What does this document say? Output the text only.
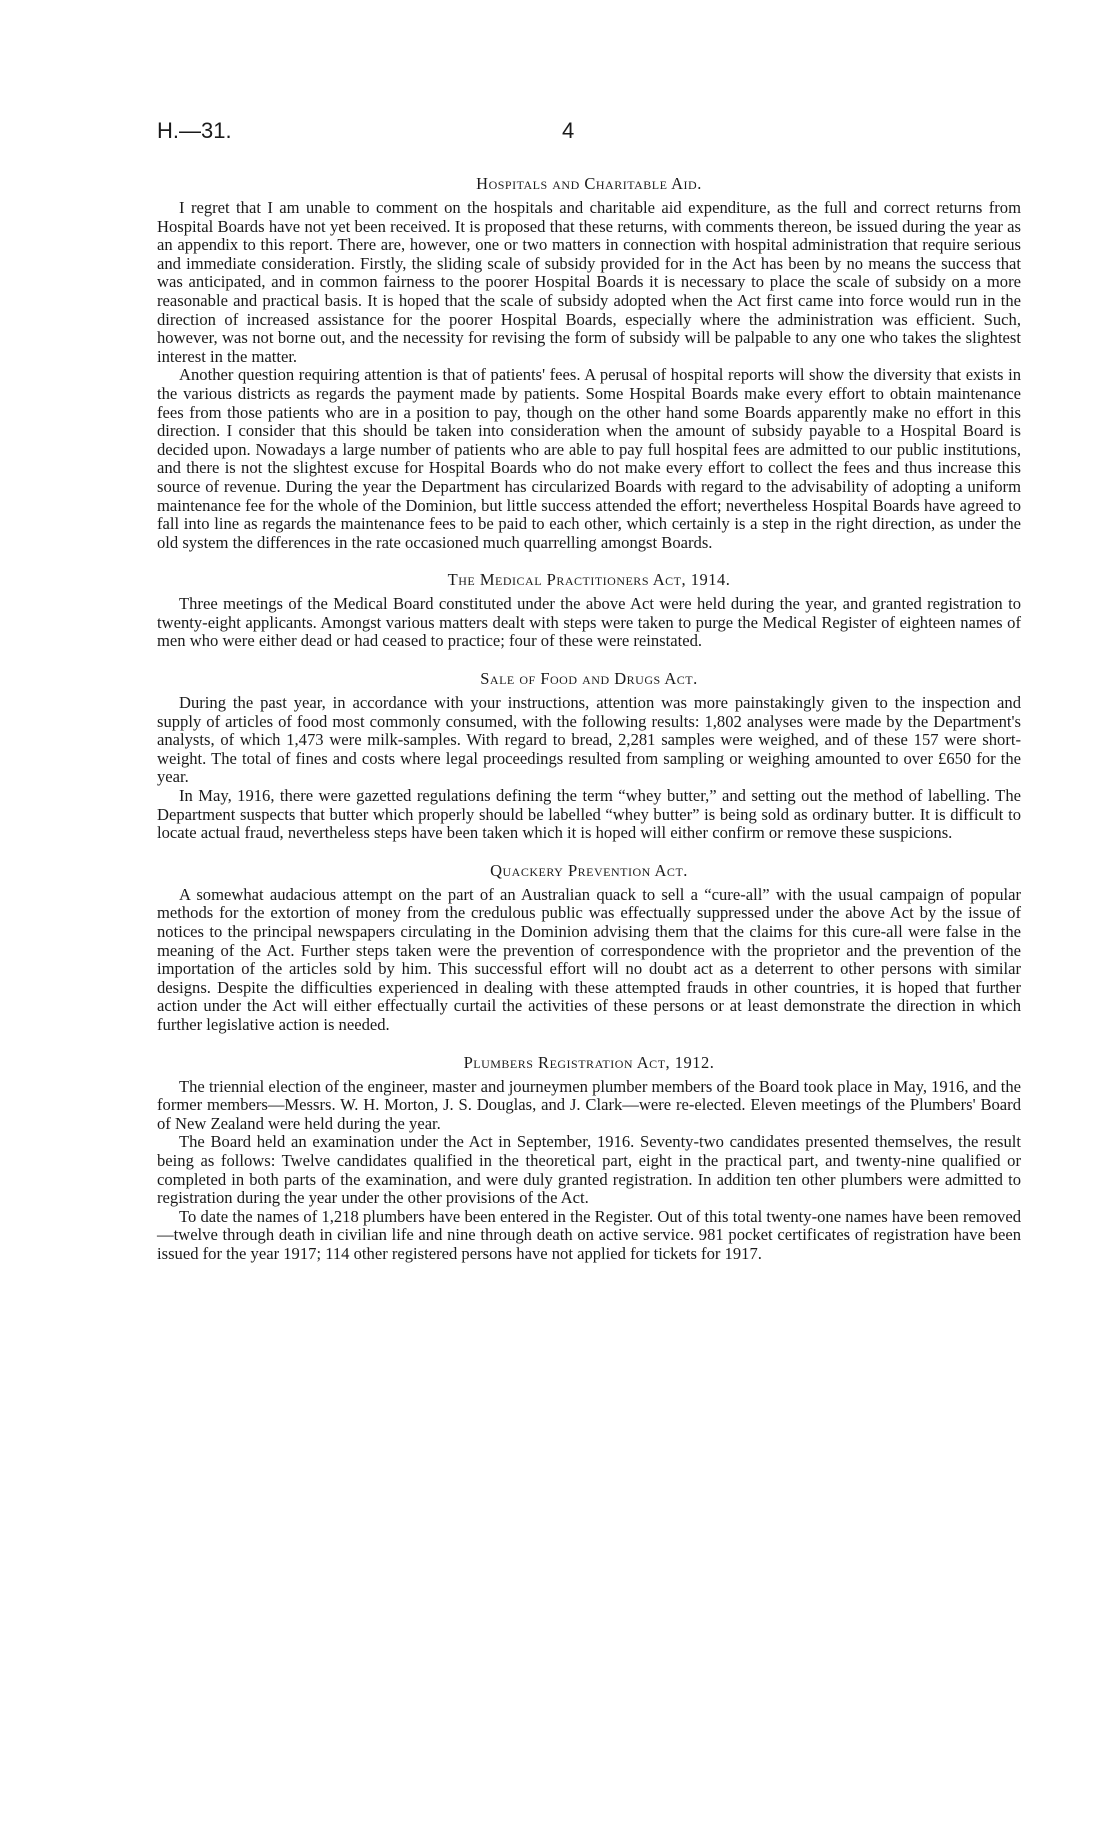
H.—31.	4
Hospitals and Charitable Aid.

I regret that I am unable to comment on the hospitals and charitable aid expenditure, as the full and correct returns from Hospital Boards have not yet been received. It is proposed that these returns, with comments thereon, be issued during the year as an appendix to this report. There are, however, one or two matters in connection with hospital administration that require serious and immediate consideration. Firstly, the sliding scale of subsidy provided for in the Act has been by no means the success that was anticipated, and in common fairness to the poorer Hospital Boards it is necessary to place the scale of subsidy on a more reasonable and practical basis. It is hoped that the scale of subsidy adopted when the Act first came into force would run in the direction of increased assistance for the poorer Hospital Boards, especially where the administration was efficient. Such, however, was not borne out, and the necessity for revising the form of subsidy will be palpable to any one who takes the slightest interest in the matter.

Another question requiring attention is that of patients' fees. A perusal of hospital reports will show the diversity that exists in the various districts as regards the payment made by patients. Some Hospital Boards make every effort to obtain maintenance fees from those patients who are in a position to pay, though on the other hand some Boards apparently make no effort in this direction. I consider that this should be taken into consideration when the amount of subsidy payable to a Hospital Board is decided upon. Nowadays a large number of patients who are able to pay full hospital fees are admitted to our public institutions, and there is not the slightest excuse for Hospital Boards who do not make every effort to collect the fees and thus increase this source of revenue. During the year the Department has circularized Boards with regard to the advisability of adopting a uniform maintenance fee for the whole of the Dominion, but little success attended the effort; nevertheless Hospital Boards have agreed to fall into line as regards the maintenance fees to be paid to each other, which certainly is a step in the right direction, as under the old system the differences in the rate occasioned much quarrelling amongst Boards.

The Medical Practitioners Act, 1914.

Three meetings of the Medical Board constituted under the above Act were held during the year, and granted registration to twenty-eight applicants. Amongst various matters dealt with steps were taken to purge the Medical Register of eighteen names of men who were either dead or had ceased to practice; four of these were reinstated.

Sale of Food and Drugs Act.

During the past year, in accordance with your instructions, attention was more painstakingly given to the inspection and supply of articles of food most commonly consumed, with the following results: 1,802 analyses were made by the Department's analysts, of which 1,473 were milk-samples. With regard to bread, 2,281 samples were weighed, and of these 157 were short-weight. The total of fines and costs where legal proceedings resulted from sampling or weighing amounted to over £650 for the year.

In May, 1916, there were gazetted regulations defining the term “whey butter,” and setting out the method of labelling. The Department suspects that butter which properly should be labelled “whey butter” is being sold as ordinary butter. It is difficult to locate actual fraud, nevertheless steps have been taken which it is hoped will either confirm or remove these suspicions.

Quackery Prevention Act.

A somewhat audacious attempt on the part of an Australian quack to sell a “cure-all” with the usual campaign of popular methods for the extortion of money from the credulous public was effectually suppressed under the above Act by the issue of notices to the principal newspapers circulating in the Dominion advising them that the claims for this cure-all were false in the meaning of the Act. Further steps taken were the prevention of correspondence with the proprietor and the prevention of the importation of the articles sold by him. This successful effort will no doubt act as a deterrent to other persons with similar designs. Despite the difficulties experienced in dealing with these attempted frauds in other countries, it is hoped that further action under the Act will either effectually curtail the activities of these persons or at least demonstrate the direction in which further legislative action is needed.

Plumbers Registration Act, 1912.

The triennial election of the engineer, master and journeymen plumber members of the Board took place in May, 1916, and the former members—Messrs. W. H. Morton, J. S. Douglas, and J. Clark—were re-elected. Eleven meetings of the Plumbers' Board of New Zealand were held during the year.

The Board held an examination under the Act in September, 1916. Seventy-two candidates presented themselves, the result being as follows: Twelve candidates qualified in the theoretical part, eight in the practical part, and twenty-nine qualified or completed in both parts of the examination, and were duly granted registration. In addition ten other plumbers were admitted to registration during the year under the other provisions of the Act.

To date the names of 1,218 plumbers have been entered in the Register. Out of this total twenty-one names have been removed—twelve through death in civilian life and nine through death on active service. 981 pocket certificates of registration have been issued for the year 1917; 114 other registered persons have not applied for tickets for 1917.
